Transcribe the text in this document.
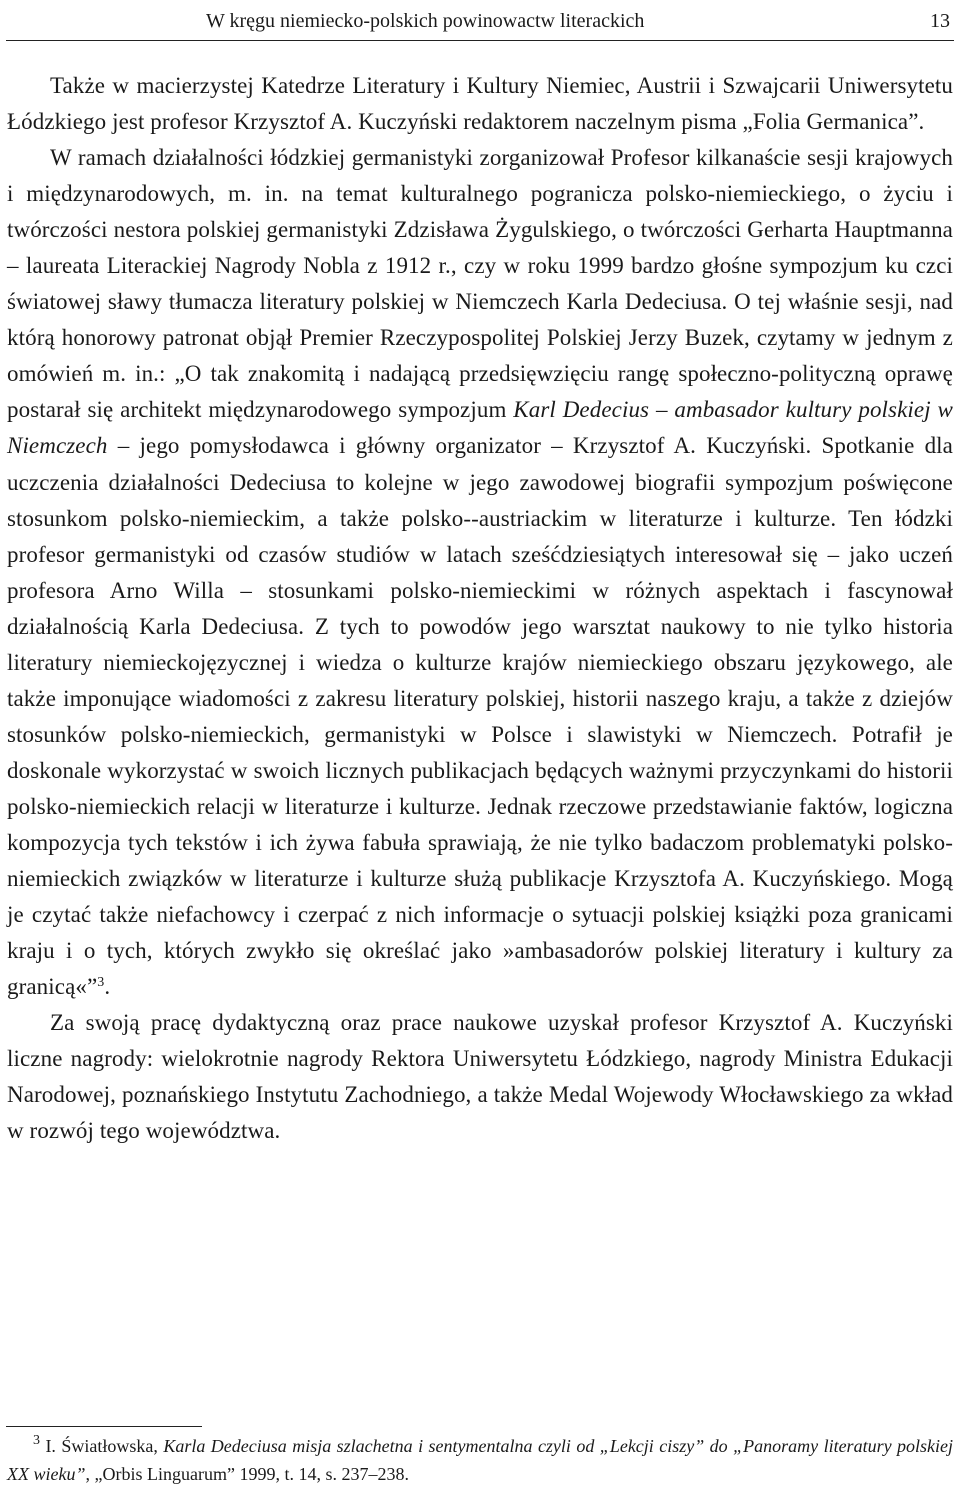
W kręgu niemiecko-polskich powinowactw literackich	13

Także w macierzystej Katedrze Literatury i Kultury Niemiec, Austrii i Szwajcarii Uniwersytetu Łódzkiego jest profesor Krzysztof A. Kuczyński redaktorem naczelnym pisma „Folia Germanica”.

W ramach działalności łódzkiej germanistyki zorganizował Profesor kilkanaście sesji krajowych i międzynarodowych, m. in. na temat kulturalnego pogranicza polsko-niemieckiego, o życiu i twórczości nestora polskiej germanistyki Zdzisława Żygulskiego, o twórczości Gerharta Hauptmanna – laureata Literackiej Nagrody Nobla z 1912 r., czy w roku 1999 bardzo głośne sympozjum ku czci światowej sławy tłumacza literatury polskiej w Niemczech Karla Dedeciusa. O tej właśnie sesji, nad którą honorowy patronat objął Premier Rzeczypospolitej Polskiej Jerzy Buzek, czytamy w jednym z omówień m. in.: „O tak znakomitą i nadającą przedsięwzięciu rangę społeczno-polityczną oprawę postarał się architekt międzynarodowego sympozjum Karl Dedecius – ambasador kultury polskiej w Niemczech – jego pomysłodawca i główny organizator – Krzysztof A. Kuczyński. Spotkanie dla uczczenia działalności Dedeciusa to kolejne w jego zawodowej biografii sympozjum poświęcone stosunkom polsko-niemieckim, a także polsko--austriackim w literaturze i kulturze. Ten łódzki profesor germanistyki od czasów studiów w latach sześćdziesiątych interesował się – jako uczeń profesora Arno Willa – stosunkami polsko-niemieckimi w różnych aspektach i fascynował działalnością Karla Dedeciusa. Z tych to powodów jego warsztat naukowy to nie tylko historia literatury niemieckojęzycznej i wiedza o kulturze krajów niemieckiego obszaru językowego, ale także imponujące wiadomości z zakresu literatury polskiej, historii naszego kraju, a także z dziejów stosunków polsko-niemieckich, germanistyki w Polsce i slawistyki w Niemczech. Potrafił je doskonale wykorzystać w swoich licznych publikacjach będących ważnymi przyczynkami do historii polsko-niemieckich relacji w literaturze i kulturze. Jednak rzeczowe przedstawianie faktów, logiczna kompozycja tych tekstów i ich żywa fabuła sprawiają, że nie tylko badaczom problematyki polsko-niemieckich związków w literaturze i kulturze służą publikacje Krzysztofa A. Kuczyńskiego. Mogą je czytać także niefachowcy i czerpać z nich informacje o sytuacji polskiej książki poza granicami kraju i o tych, których zwykło się określać jako »ambasadorów polskiej literatury i kultury za granicą«”$^3$.

Za swoją pracę dydaktyczną oraz prace naukowe uzyskał profesor Krzysztof A. Kuczyński liczne nagrody: wielokrotnie nagrody Rektora Uniwersytetu Łódzkiego, nagrody Ministra Edukacji Narodowej, poznańskiego Instytutu Zachodniego, a także Medal Wojewody Włocławskiego za wkład w rozwój tego województwa.

$^3$ I. Światłowska, Karla Dedeciusa misja szlachetna i sentymentalna czyli od „Lekcji ciszy” do „Panoramy literatury polskiej XX wieku”, „Orbis Linguarum” 1999, t. 14, s. 237–238.
